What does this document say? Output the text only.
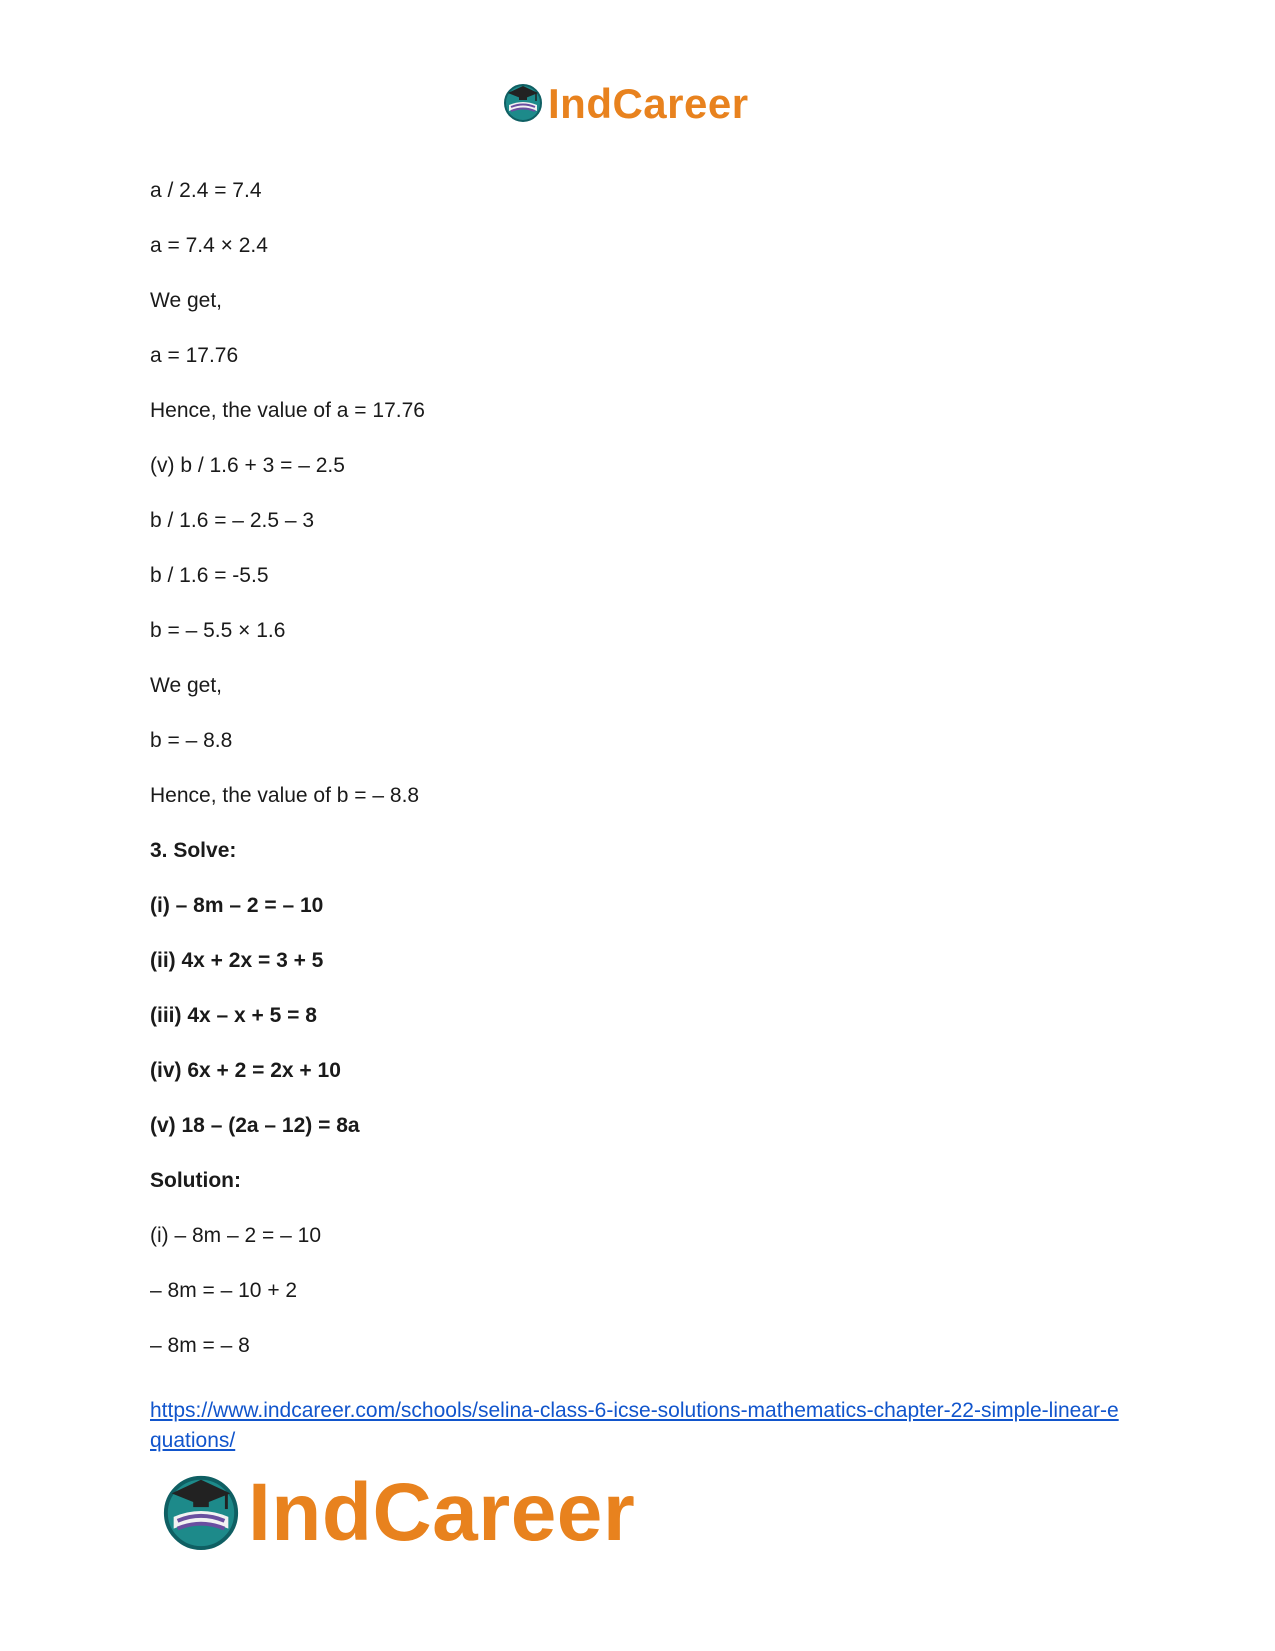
IndCareer
a / 2.4 = 7.4
a = 7.4 × 2.4
We get,
a = 17.76
Hence, the value of a = 17.76
(v) b / 1.6 + 3 = – 2.5
b / 1.6 = – 2.5 – 3
b / 1.6 = -5.5
b = – 5.5 × 1.6
We get,
b = – 8.8
Hence, the value of b = – 8.8
3. Solve:
(i) – 8m – 2 = – 10
(ii) 4x + 2x = 3 + 5
(iii) 4x – x + 5 = 8
(iv) 6x + 2 = 2x + 10
(v) 18 – (2a – 12) = 8a
Solution:
(i) – 8m – 2 = – 10
– 8m = – 10 + 2
– 8m = – 8
https://www.indcareer.com/schools/selina-class-6-icse-solutions-mathematics-chapter-22-simple-linear-equations/
IndCareer
